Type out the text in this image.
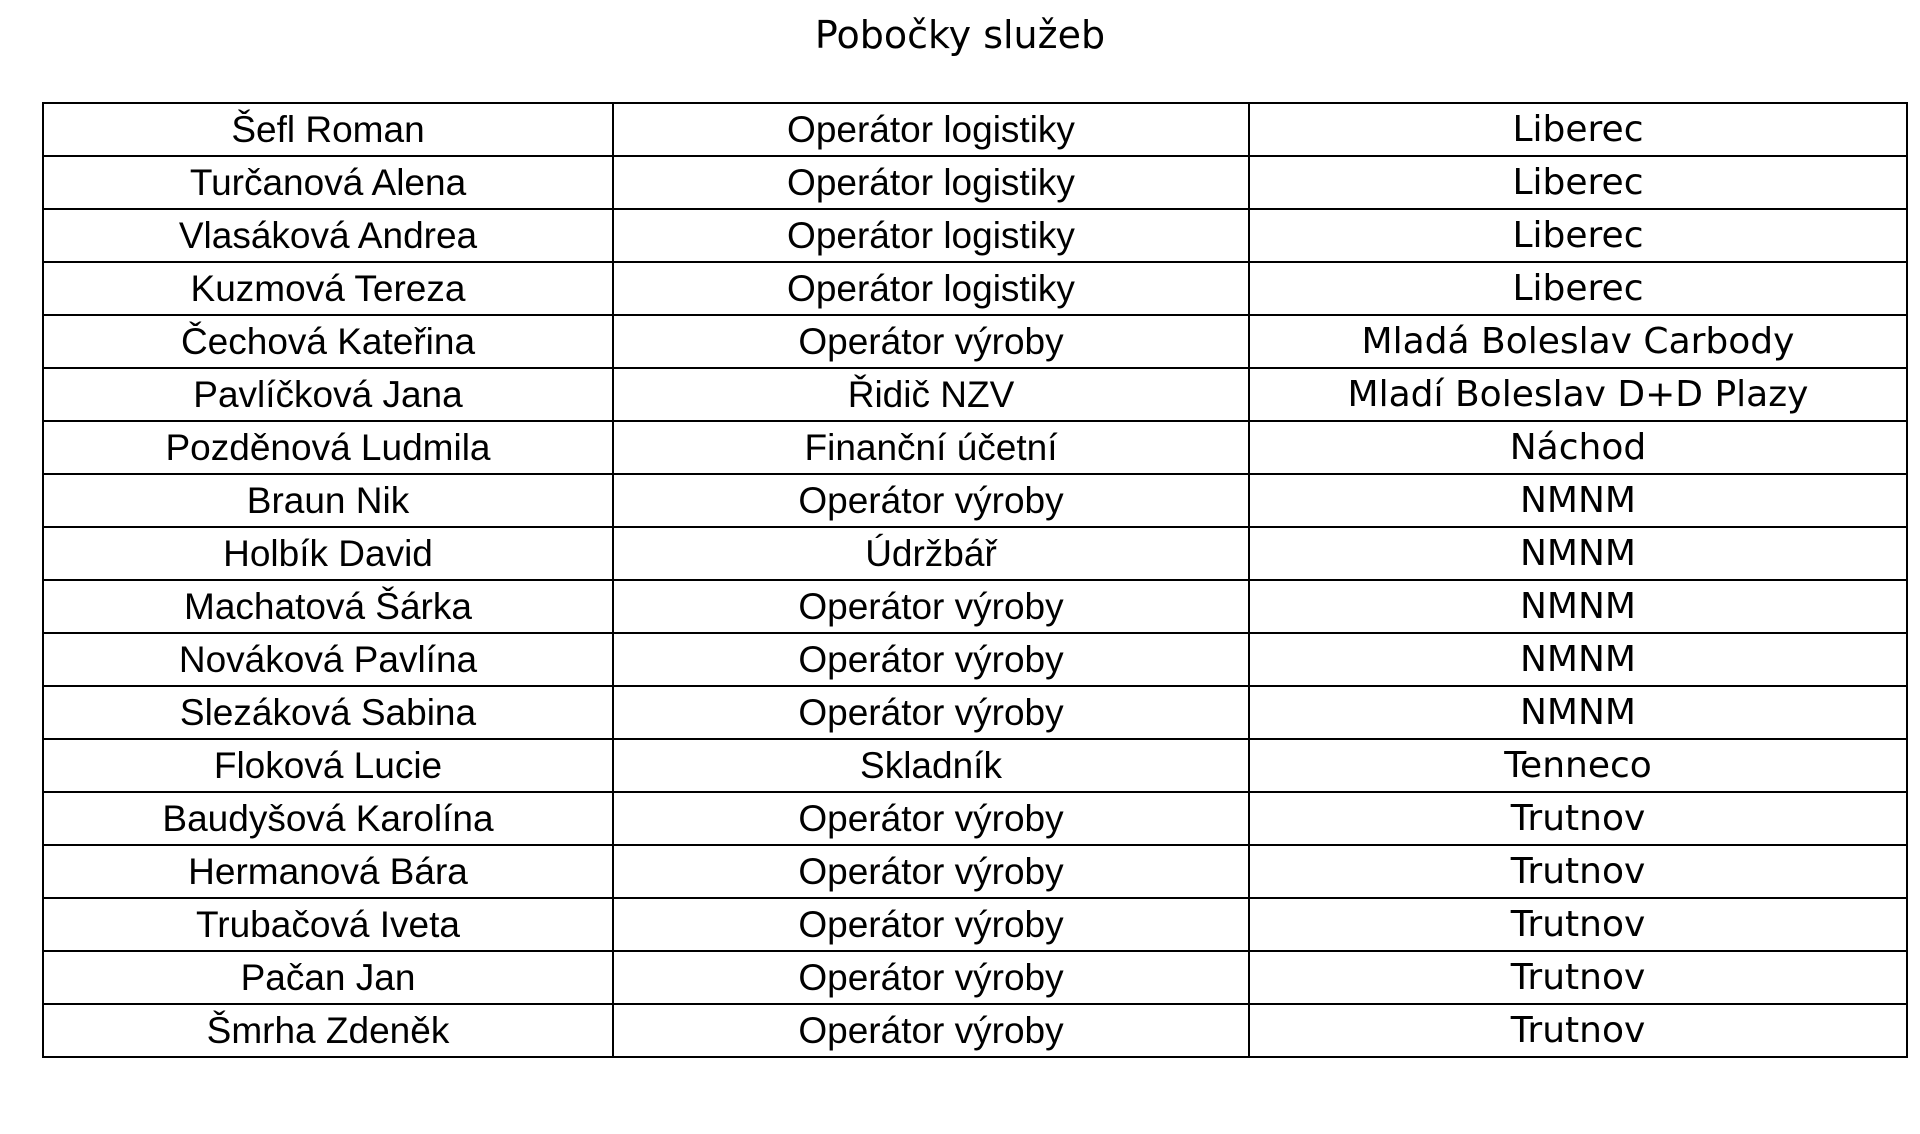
Pobočky služeb
Šefl Roman	Operátor logistiky	Liberec
Turčanová Alena	Operátor logistiky	Liberec
Vlasáková Andrea	Operátor logistiky	Liberec
Kuzmová Tereza	Operátor logistiky	Liberec
Čechová Kateřina	Operátor výroby	Mladá Boleslav Carbody
Pavlíčková Jana	Řidič NZV	Mladí Boleslav D+D Plazy
Pozděnová Ludmila	Finanční účetní	Náchod
Braun Nik	Operátor výroby	NMNM
Holbík David	Údržbář	NMNM
Machatová Šárka	Operátor výroby	NMNM
Nováková Pavlína	Operátor výroby	NMNM
Slezáková Sabina	Operátor výroby	NMNM
Floková Lucie	Skladník	Tenneco
Baudyšová Karolína	Operátor výroby	Trutnov
Hermanová Bára	Operátor výroby	Trutnov
Trubačová Iveta	Operátor výroby	Trutnov
Pačan Jan	Operátor výroby	Trutnov
Šmrha Zdeněk	Operátor výroby	Trutnov
